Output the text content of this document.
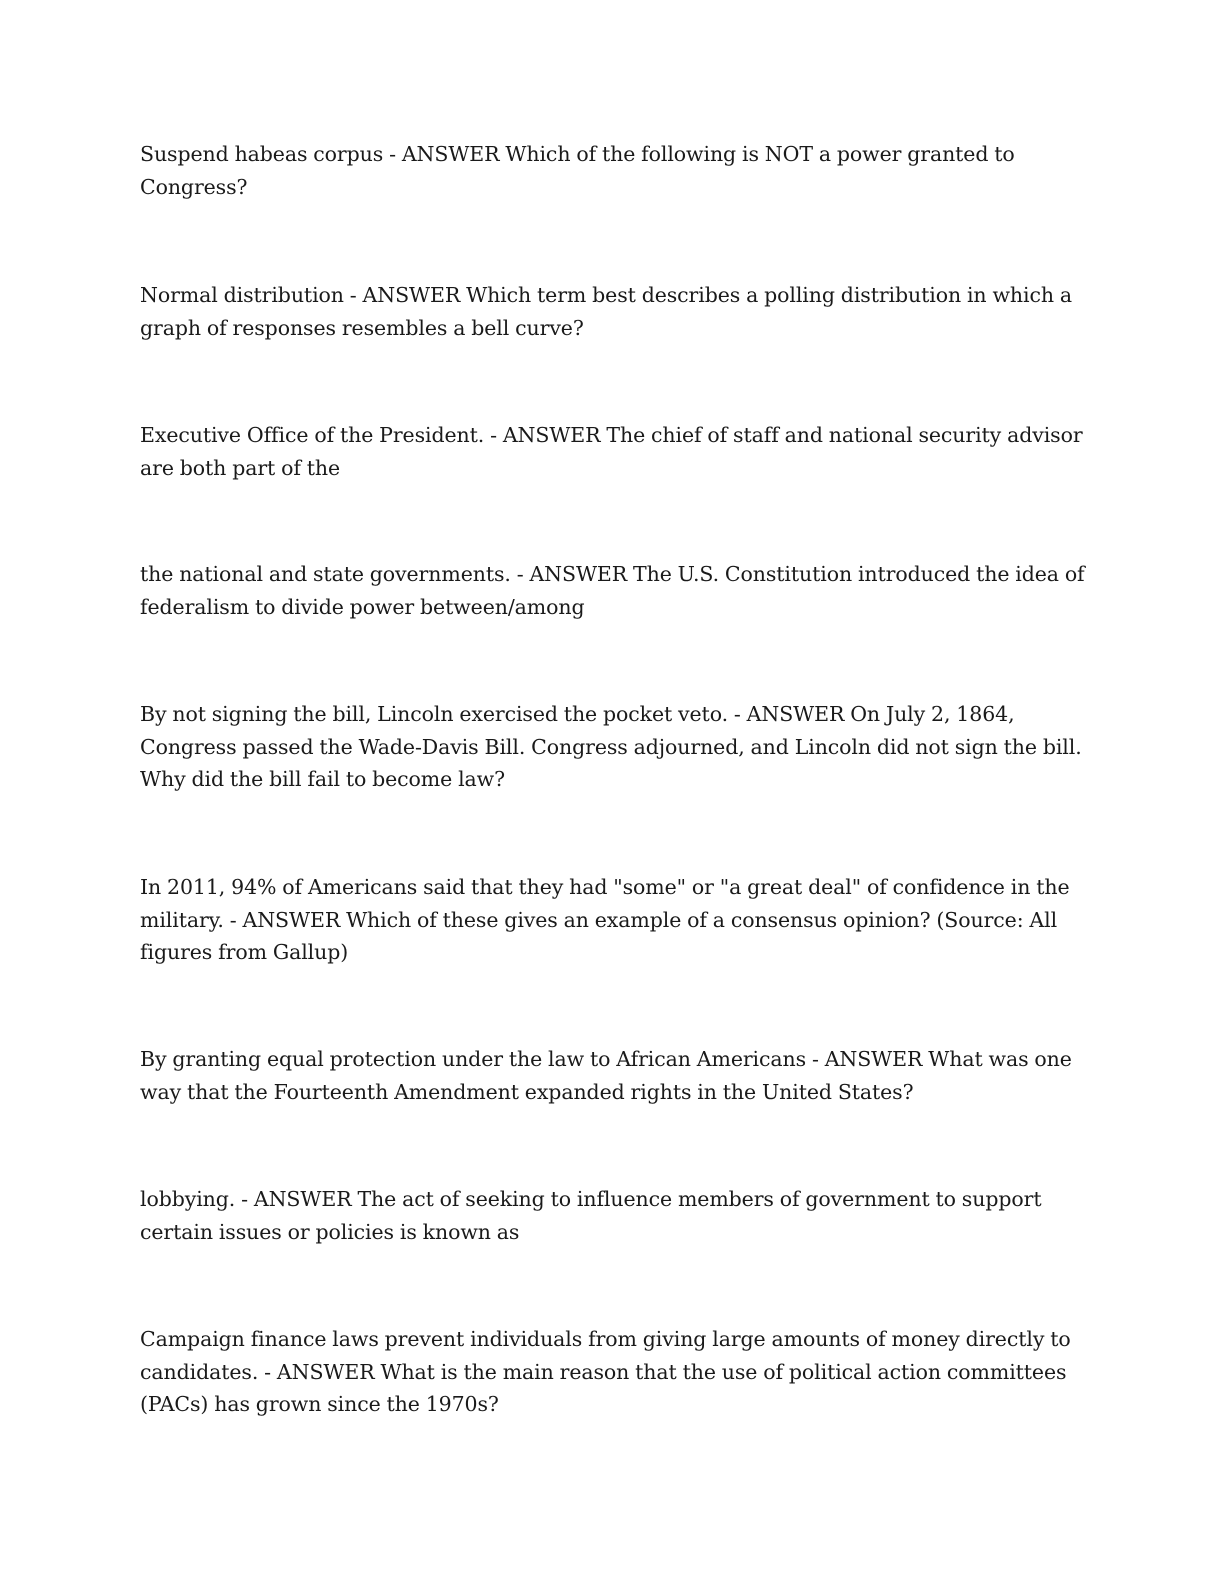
Suspend habeas corpus - ANSWER Which of the following is NOT a power granted to Congress?

Normal distribution - ANSWER Which term best describes a polling distribution in which a graph of responses resembles a bell curve?

Executive Office of the President. - ANSWER The chief of staff and national security advisor are both part of the

the national and state governments. - ANSWER The U.S. Constitution introduced the idea of federalism to divide power between/among

By not signing the bill, Lincoln exercised the pocket veto. - ANSWER On July 2, 1864, Congress passed the Wade-Davis Bill. Congress adjourned, and Lincoln did not sign the bill. Why did the bill fail to become law?

In 2011, 94% of Americans said that they had "some" or "a great deal" of confidence in the military. - ANSWER Which of these gives an example of a consensus opinion? (Source: All figures from Gallup)

By granting equal protection under the law to African Americans - ANSWER What was one way that the Fourteenth Amendment expanded rights in the United States?

lobbying. - ANSWER The act of seeking to influence members of government to support certain issues or policies is known as

Campaign finance laws prevent individuals from giving large amounts of money directly to candidates. - ANSWER What is the main reason that the use of political action committees (PACs) has grown since the 1970s?
